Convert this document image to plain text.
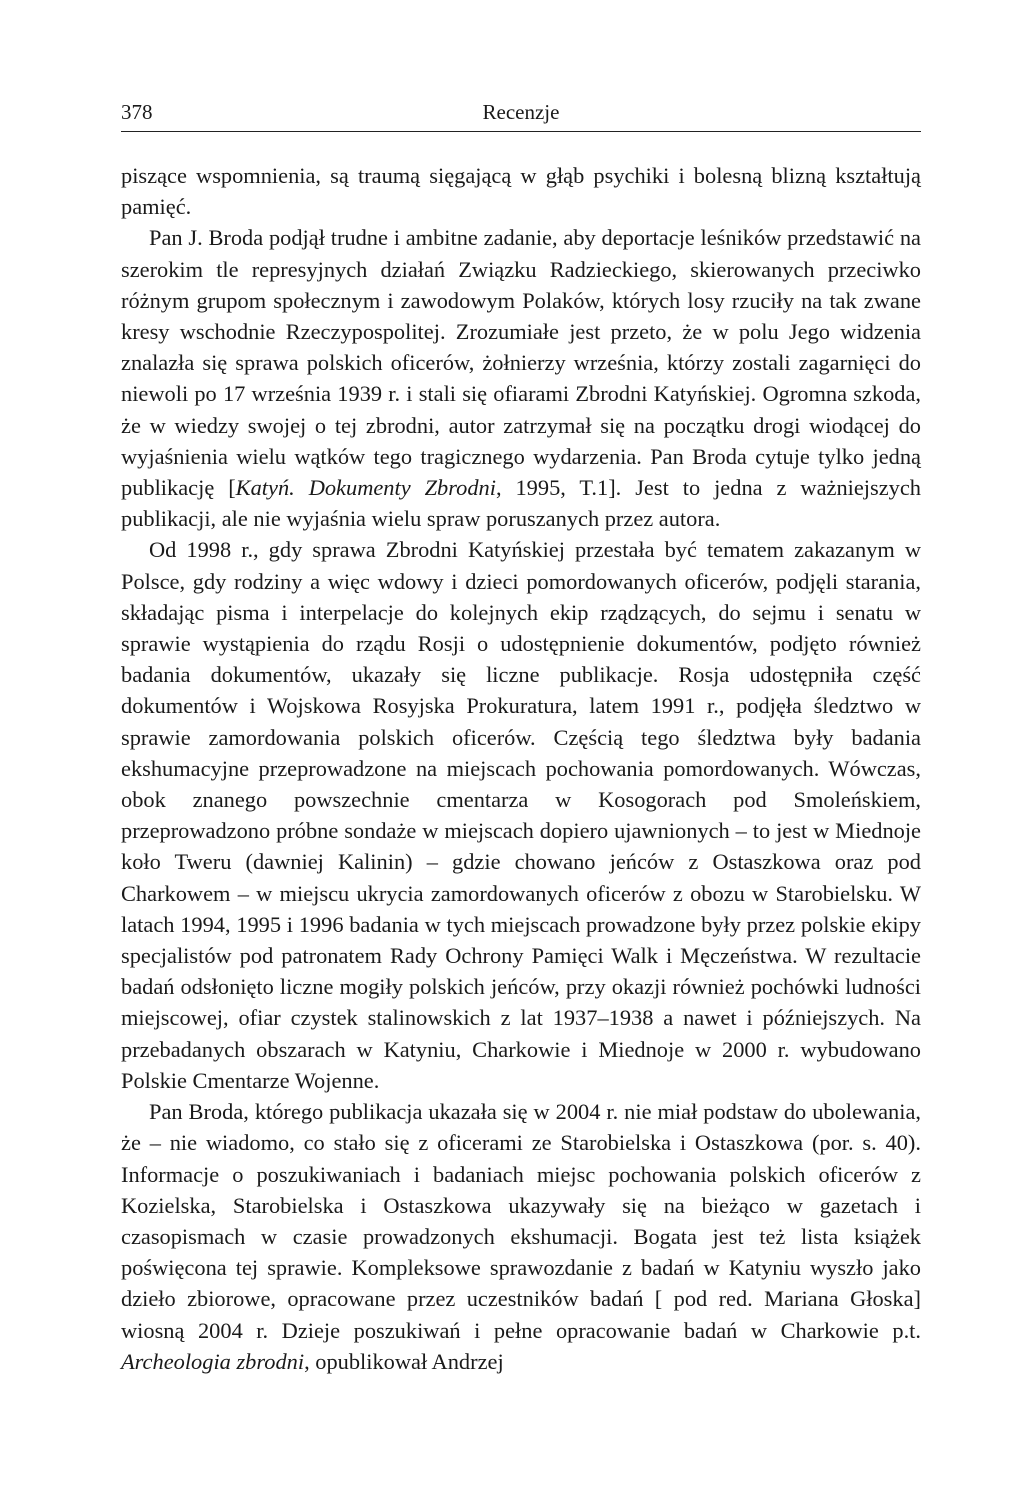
378	Recenzje

piszące wspomnienia, są traumą sięgającą w głąb psychiki i bolesną blizną kształtują pamięć.

Pan J. Broda podjął trudne i ambitne zadanie, aby deportacje leśników przedstawić na szerokim tle represyjnych działań Związku Radzieckiego, skierowanych przeciwko różnym grupom społecznym i zawodowym Polaków, których losy rzuciły na tak zwane kresy wschodnie Rzeczypospolitej. Zrozumiałe jest przeto, że w polu Jego widzenia znalazła się sprawa polskich oficerów, żołnierzy września, którzy zostali zagarnięci do niewoli po 17 września 1939 r. i stali się ofiarami Zbrodni Katyńskiej. Ogromna szkoda, że w wiedzy swojej o tej zbrodni, autor zatrzymał się na początku drogi wiodącej do wyjaśnienia wielu wątków tego tragicznego wydarzenia. Pan Broda cytuje tylko jedną publikację [Katyń. Dokumenty Zbrodni, 1995, T.1]. Jest to jedna z ważniejszych publikacji, ale nie wyjaśnia wielu spraw poruszanych przez autora.

Od 1998 r., gdy sprawa Zbrodni Katyńskiej przestała być tematem zakazanym w Polsce, gdy rodziny a więc wdowy i dzieci pomordowanych oficerów, podjęli starania, składając pisma i interpelacje do kolejnych ekip rządzących, do sejmu i senatu w sprawie wystąpienia do rządu Rosji o udostępnienie dokumentów, podjęto również badania dokumentów, ukazały się liczne publikacje. Rosja udostępniła część dokumentów i Wojskowa Rosyjska Prokuratura, latem 1991 r., podjęła śledztwo w sprawie zamordowania polskich oficerów. Częścią tego śledztwa były badania ekshumacyjne przeprowadzone na miejscach pochowania pomordowanych. Wówczas, obok znanego powszechnie cmentarza w Kosogorach pod Smoleńskiem, przeprowadzono próbne sondaże w miejscach dopiero ujawnionych – to jest w Miednoje koło Tweru (dawniej Kalinin) – gdzie chowano jeńców z Ostaszkowa oraz pod Charkowem – w miejscu ukrycia zamordowanych oficerów z obozu w Starobielsku. W latach 1994, 1995 i 1996 badania w tych miejscach prowadzone były przez polskie ekipy specjalistów pod patronatem Rady Ochrony Pamięci Walk i Męczeństwa. W rezultacie badań odsłonięto liczne mogiły polskich jeńców, przy okazji również pochówki ludności miejscowej, ofiar czystek stalinowskich z lat 1937–1938 a nawet i późniejszych. Na przebadanych obszarach w Katyniu, Charkowie i Miednoje w 2000 r. wybudowano Polskie Cmentarze Wojenne.

Pan Broda, którego publikacja ukazała się w 2004 r. nie miał podstaw do ubolewania, że – nie wiadomo, co stało się z oficerami ze Starobielska i Ostaszkowa (por. s. 40). Informacje o poszukiwaniach i badaniach miejsc pochowania polskich oficerów z Kozielska, Starobielska i Ostaszkowa ukazywały się na bieżąco w gazetach i czasopismach w czasie prowadzonych ekshumacji. Bogata jest też lista książek poświęcona tej sprawie. Kompleksowe sprawozdanie z badań w Katyniu wyszło jako dzieło zbiorowe, opracowane przez uczestników badań [ pod red. Mariana Głoska] wiosną 2004 r. Dzieje poszukiwań i pełne opracowanie badań w Charkowie p.t. Archeologia zbrodni, opublikował Andrzej
